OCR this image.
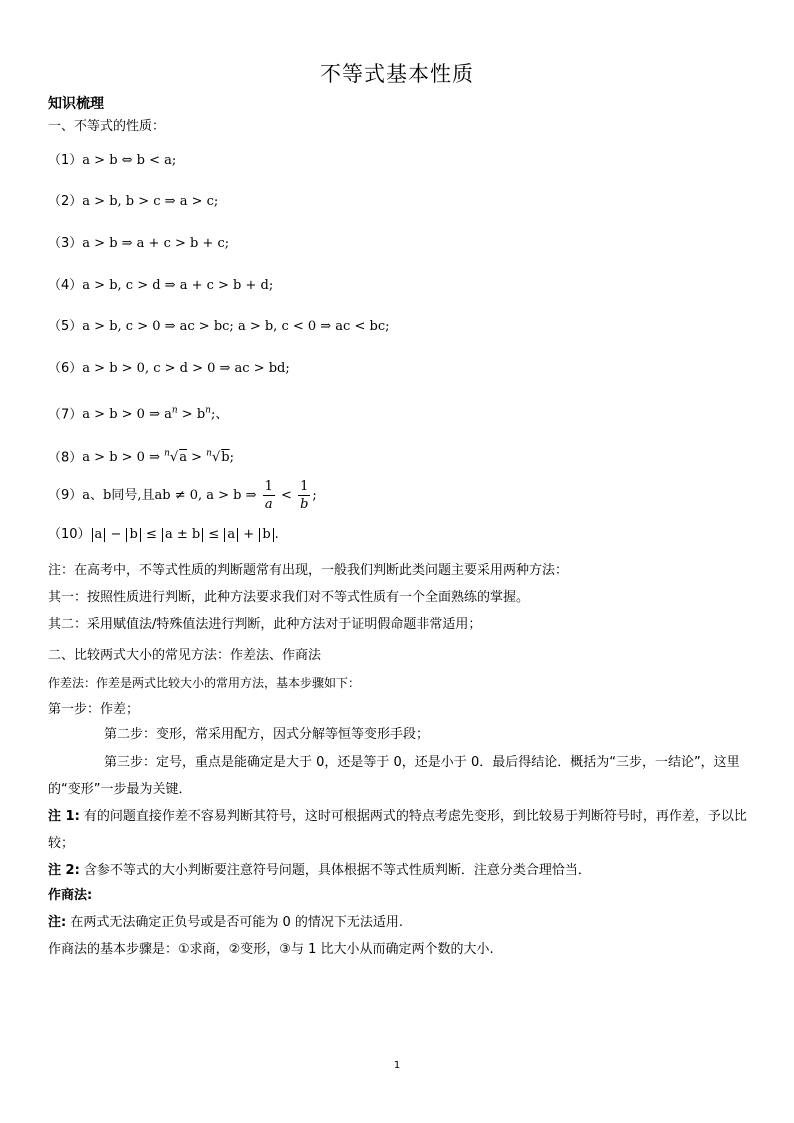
不等式基本性质
知识梳理
一、不等式的性质：
（1）a > b ⇔ b < a;
（2）a > b, b > c ⇒ a > c;
（3）a > b ⇒ a + c > b + c;
（4）a > b, c > d ⇒ a + c > b + d;
（5）a > b, c > 0 ⇒ ac > bc; a > b, c < 0 ⇒ ac < bc;
（6）a > b > 0, c > d > 0 ⇒ ac > bd;
（7）a > b > 0 ⇒ $a^n > b^n$;、
（8）a > b > 0 ⇒ $^n$√a > $^n$√b;
（9）a、b同号,且ab ≠ 0, a > b ⇒ $\frac{1}{a} < \frac{1}{b}$ ;
（10） a − b ≤ a ± b ≤ a + b .
注：在高考中，不等式性质的判断题常有出现，一般我们判断此类问题主要采用两种方法：
其一：按照性质进行判断，此种方法要求我们对不等式性质有一个全面熟练的掌握。
其二：采用赋值法/特殊值法进行判断，此种方法对于证明假命题非常适用；
二、比较两式大小的常见方法：作差法、作商法
作差法：作差是两式比较大小的常用方法，基本步骤如下：
第一步：作差；
第二步：变形，常采用配方，因式分解等恒等变形手段；
第三步：定号，重点是能确定是大于 0，还是等于 0，还是小于 0．最后得结论．概括为“三步，一结论”，这里的“变形”一步最为关键．
注 1: 有的问题直接作差不容易判断其符号，这时可根据两式的特点考虑先变形，到比较易于判断符号时，再作差，予以比较；
注 2: 含参不等式的大小判断要注意符号问题，具体根据不等式性质判断．注意分类合理恰当．
作商法:
注: 在两式无法确定正负号或是否可能为 0 的情况下无法适用.
作商法的基本步骤是：①求商，②变形，③与 1 比大小从而确定两个数的大小.
1
